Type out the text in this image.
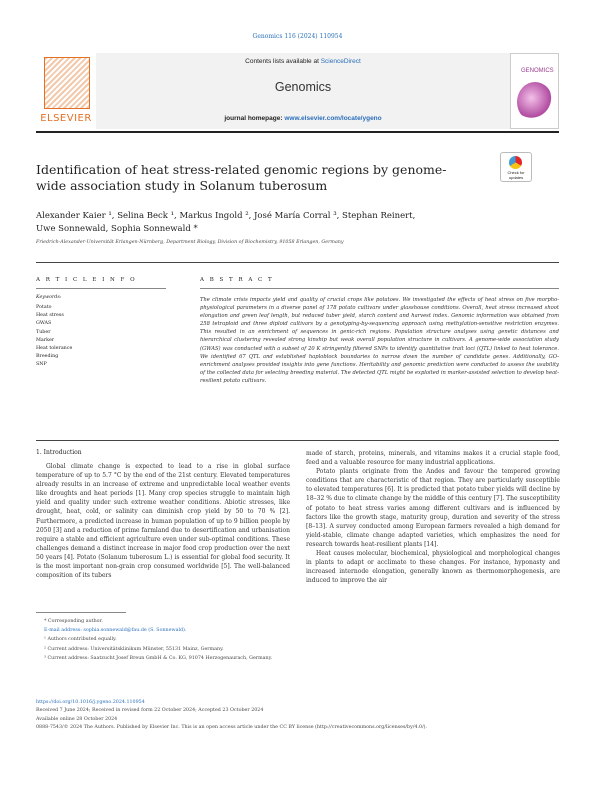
Genomics 116 (2024) 110954
ELSEVIER
Contents lists available at ScienceDirect
Genomics
journal homepage: www.elsevier.com/locate/ygeno
GENOMICS
Identification of heat stress-related genomic regions by genome-wide association study in Solanum tuberosum
Check for updates
Alexander Kaier ¹, Selina Beck ¹, Markus Ingold ², José María Corral ³, Stephan Reinert,
Uwe Sonnewald, Sophia Sonnewald *
Friedrich-Alexander-Universität Erlangen-Nürnberg, Department Biology, Division of Biochemistry, 91058 Erlangen, Germany
A R T I C L E I N F O
Keywords:
Potato
Heat stress
GWAS
Tuber
Marker
Heat tolerance
Breeding
SNP
A B S T R A C T
The climate crisis impacts yield and quality of crucial crops like potatoes. We investigated the effects of heat stress on five morpho-physiological parameters in a diverse panel of 178 potato cultivars under glasshouse conditions. Overall, heat stress increased shoot elongation and green leaf length, but reduced tuber yield, starch content and harvest index. Genomic information was obtained from 258 tetraploid and three diploid cultivars by a genotyping-by-sequencing approach using methylation-sensitive restriction enzymes. This resulted in an enrichment of sequences in genic-rich regions. Population structure analyses using genetic distances and hierarchical clustering revealed strong kinship but weak overall population structure in cultivars. A genome-wide association study (GWAS) was conducted with a subset of 20 K stringently filtered SNPs to identify quantitative trait loci (QTL) linked to heat tolerance. We identified 67 QTL and established haploblock boundaries to narrow down the number of candidate genes. Additionally, GO-enrichment analyses provided insights into gene functions. Heritability and genomic prediction were conducted to assess the usability of the collected data for selecting breeding material. The detected QTL might be exploited in marker-assisted selection to develop heat-resilient potato cultivars.
1. Introduction

Global climate change is expected to lead to a rise in global surface temperature of up to 5.7 °C by the end of the 21st century. Elevated temperatures already results in an increase of extreme and unpredictable local weather events like droughts and heat periods [1]. Many crop species struggle to maintain high yield and quality under such extreme weather conditions. Abiotic stresses, like drought, heat, cold, or salinity can diminish crop yield by 50 to 70 % [2]. Furthermore, a predicted increase in human population of up to 9 billion people by 2050 [3] and a reduction of prime farmland due to desertification and urbanisation require a stable and efficient agriculture even under sub-optimal conditions. These challenges demand a distinct increase in major food crop production over the next 50 years [4]. Potato (Solanum tuberosum L.) is essential for global food security. It is the most important non-grain crop consumed worldwide [5]. The well-balanced composition of its tubers

made of starch, proteins, minerals, and vitamins makes it a crucial staple food, feed and a valuable resource for many industrial applications.

Potato plants originate from the Andes and favour the tempered growing conditions that are characteristic of that region. They are particularly susceptible to elevated temperatures [6]. It is predicted that potato tuber yields will decline by 18–32 % due to climate change by the middle of this century [7]. The susceptibility of potato to heat stress varies among different cultivars and is influenced by factors like the growth stage, maturity group, duration and severity of the stress [8–13]. A survey conducted among European farmers revealed a high demand for yield-stable, climate change adapted varieties, which emphasizes the need for research towards heat-resilient plants [14].

Heat causes molecular, biochemical, physiological and morphological changes in plants to adapt or acclimate to these changes. For instance, hyponasty and increased internode elongation, generally known as thermomorphogenesis, are induced to improve the air

* Corresponding author.
E-mail address: sophia.sonnewald@fau.de (S. Sonnewald).
¹ Authors contributed equally.
² Current address: Universitätsklinikum Münster, 55131 Mainz, Germany.
³ Current address: Saatzucht Josef Breun GmbH & Co. KG, 91074 Herzogenaurach, Germany.
https://doi.org/10.1016/j.ygeno.2024.110954
Received 7 June 2024; Received in revised form 22 October 2024; Accepted 23 October 2024
Available online 28 October 2024
0888-7543/© 2024 The Authors. Published by Elsevier Inc. This is an open access article under the CC BY license (http://creativecommons.org/licenses/by/4.0/).
